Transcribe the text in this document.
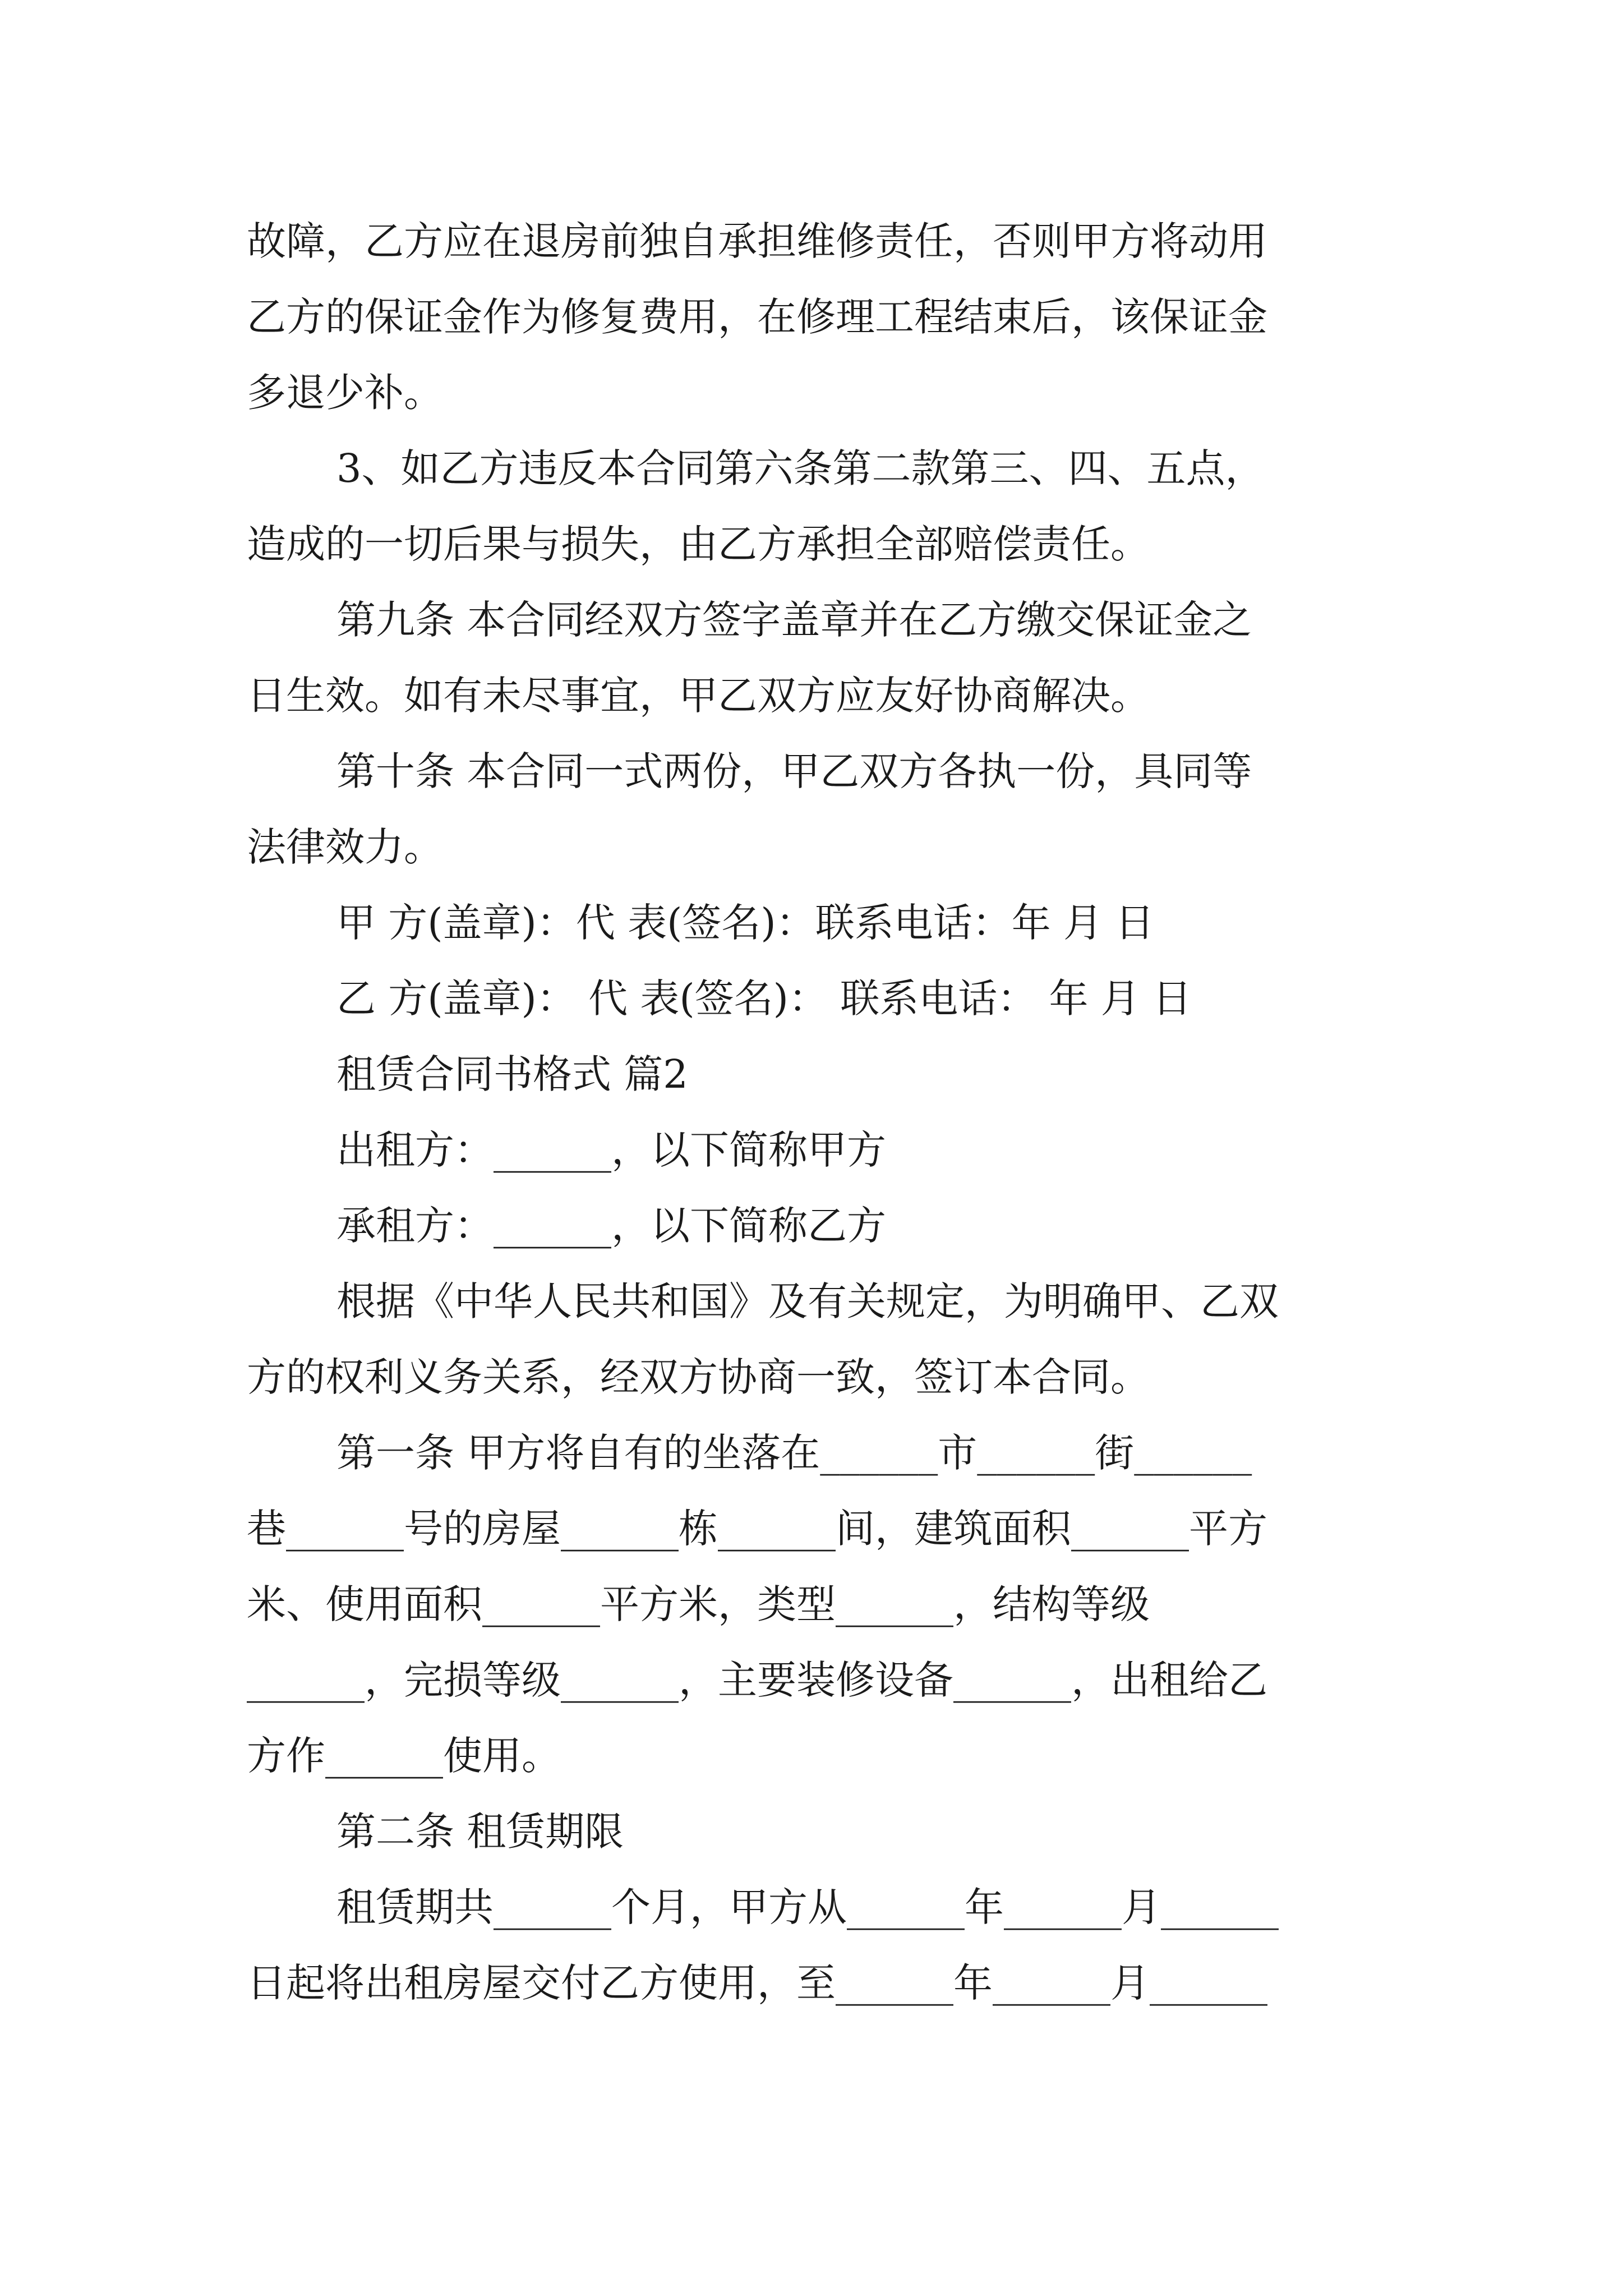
故障，乙方应在退房前独自承担维修责任，否则甲方将动用
乙方的保证金作为修复费用，在修理工程结束后，该保证金
多退少补。
3、如乙方违反本合同第六条第二款第三、四、五点，
造成的一切后果与损失，由乙方承担全部赔偿责任。
第九条 本合同经双方签字盖章并在乙方缴交保证金之
日生效。如有未尽事宜，甲乙双方应友好协商解决。
第十条 本合同一式两份，甲乙双方各执一份，具同等
法律效力。
甲 方(盖章)：代 表(签名)：联系电话：年 月 日
乙 方(盖章)： 代 表(签名)： 联系电话： 年 月 日
租赁合同书格式 篇2
出租方：______，以下简称甲方
承租方：______，以下简称乙方
根据《中华人民共和国》及有关规定，为明确甲、乙双
方的权利义务关系，经双方协商一致，签订本合同。
第一条 甲方将自有的坐落在______市______街______
巷______号的房屋______栋______间，建筑面积______平方
米、使用面积______平方米，类型______，结构等级
______，完损等级______，主要装修设备______，出租给乙
方作______使用。
第二条 租赁期限
租赁期共______个月，甲方从______年______月______
日起将出租房屋交付乙方使用，至______年______月______
